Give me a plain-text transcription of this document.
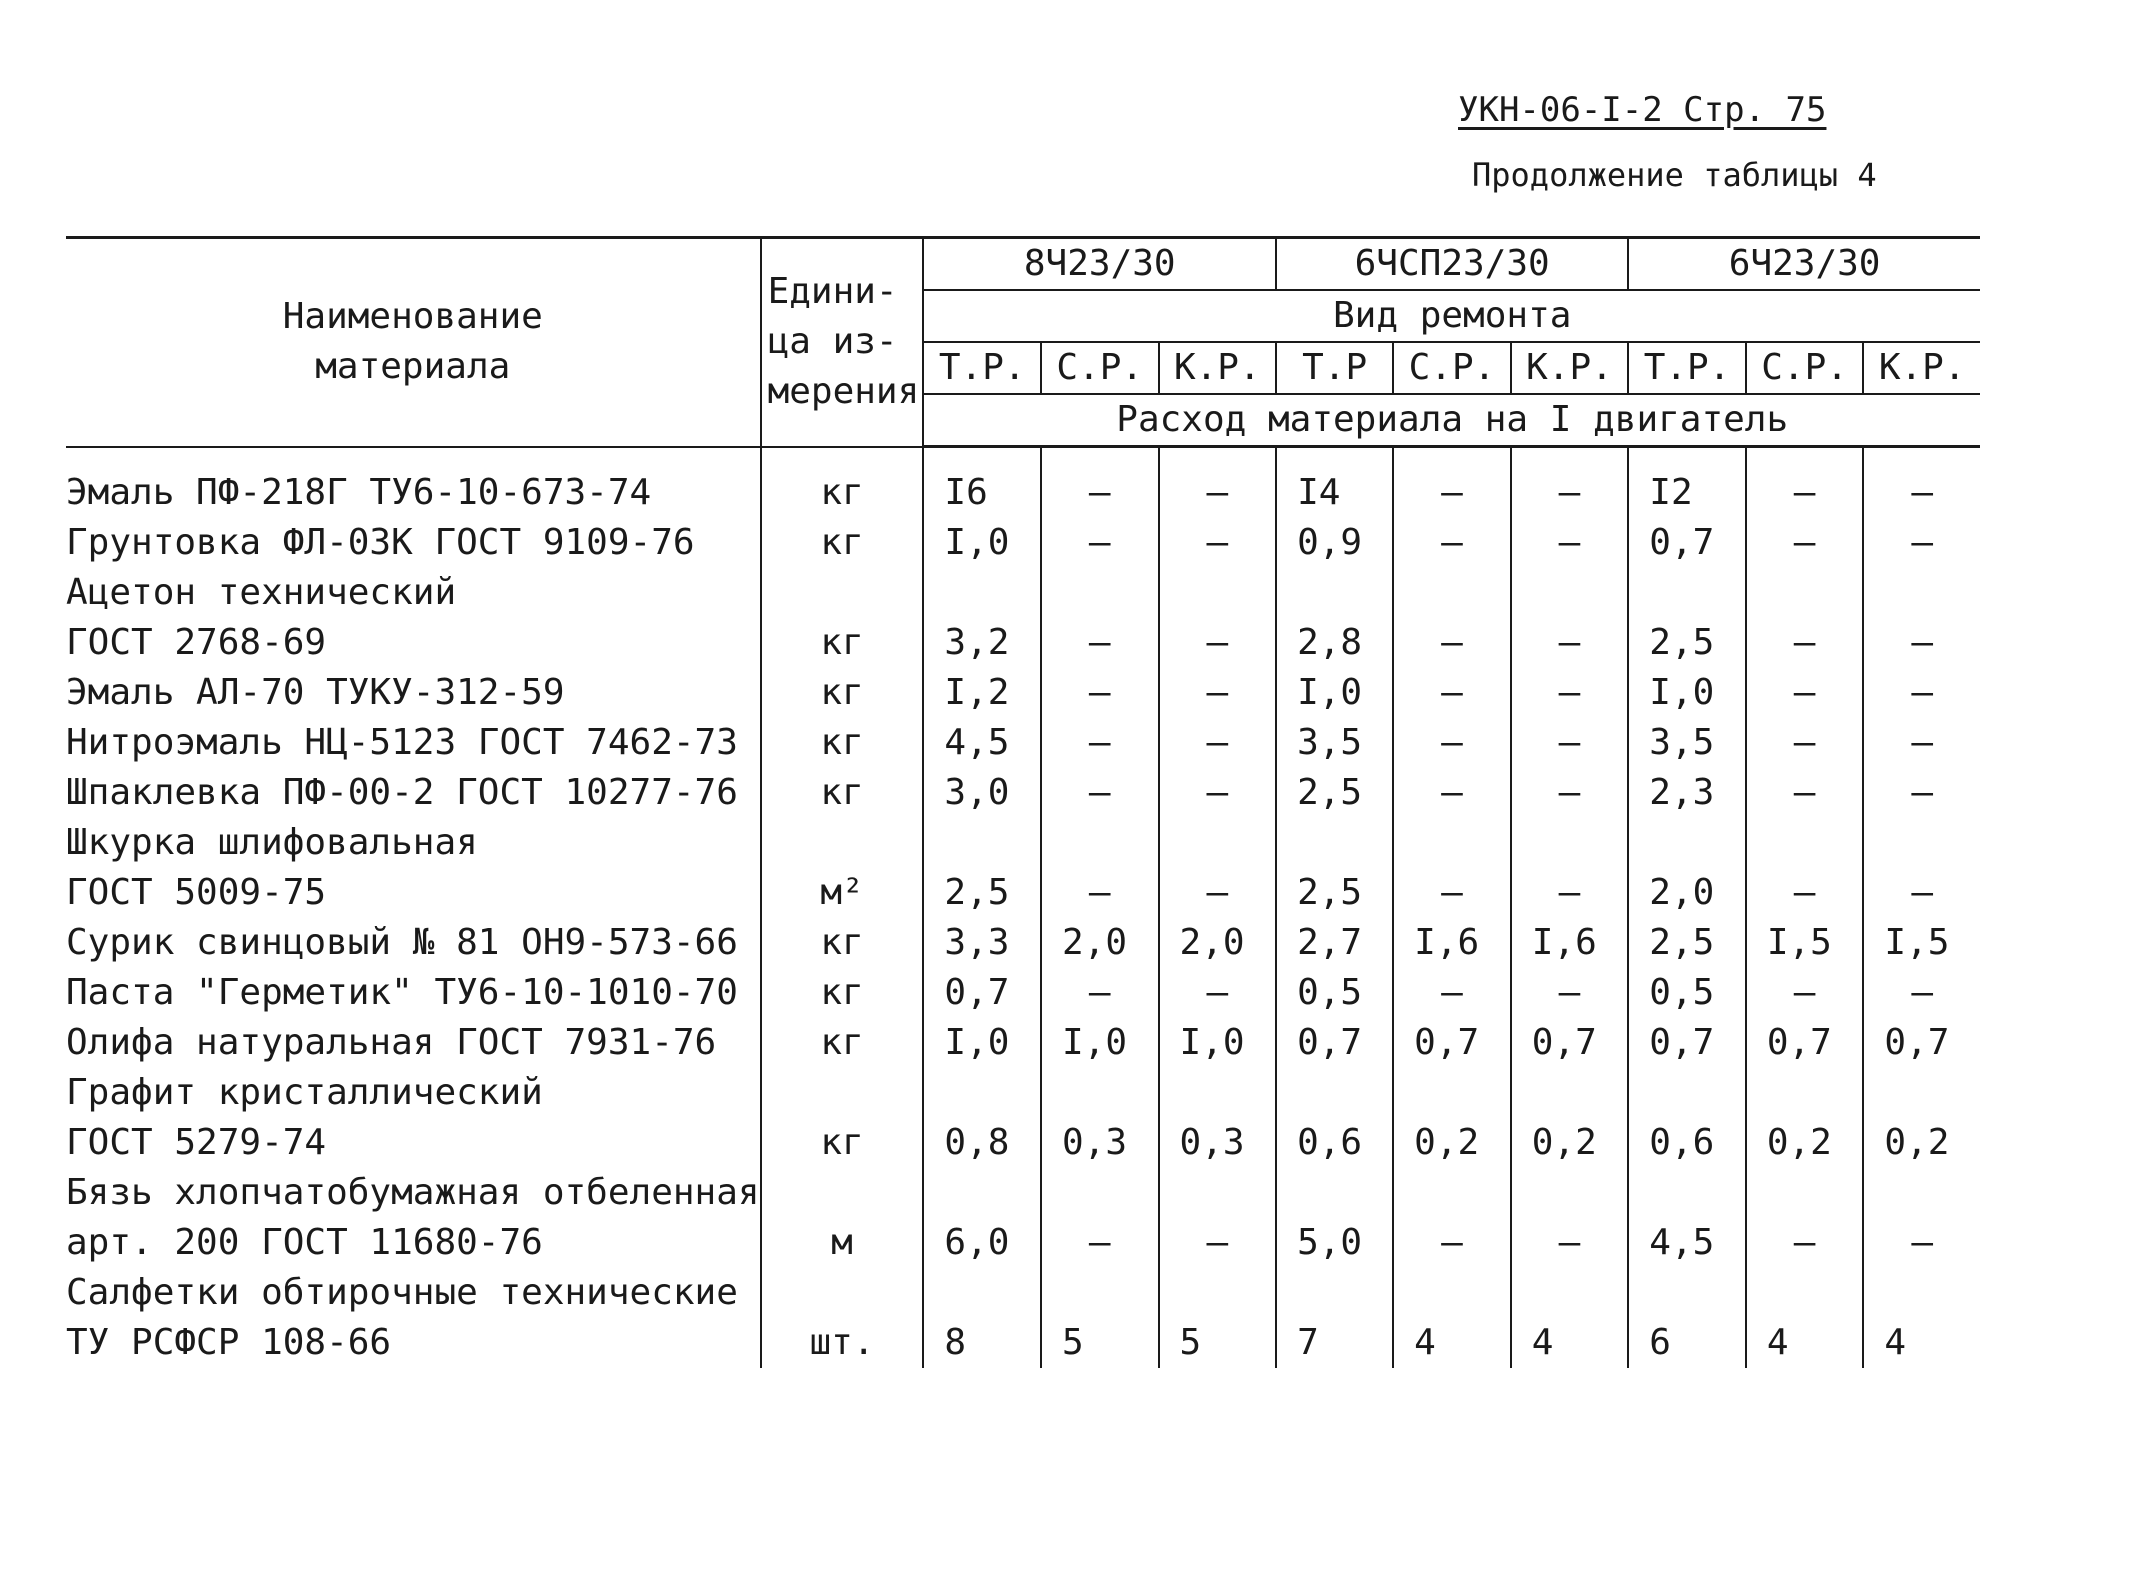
УКН-06-I-2 Стр. 75
Продолжение таблицы 4
Наименование
материала	Едини-
ца из-
мерения	8Ч23/30			6ЧСП23/30			6Ч23/30		
		Вид ремонта								
		Т.Р.	С.Р.	К.Р.	Т.Р	С.Р.	К.Р.	Т.Р.	С.Р.	К.Р.
		Расход материала на I двигатель								
Эмаль ПФ-218Г ТУ6-10-673-74	кг	I6	–	–	I4	–	–	I2	–	–
Грунтовка ФЛ-03К ГОСТ 9109-76	кг	I,0	–	–	0,9	–	–	0,7	–	–
Ацетон технический										
ГОСТ 2768-69	кг	3,2	–	–	2,8	–	–	2,5	–	–
Эмаль АЛ-70 ТУКУ-312-59	кг	I,2	–	–	I,0	–	–	I,0	–	–
Нитроэмаль НЦ-5123 ГОСТ 7462-73	кг	4,5	–	–	3,5	–	–	3,5	–	–
Шпаклевка ПФ-00-2 ГОСТ 10277-76	кг	3,0	–	–	2,5	–	–	2,3	–	–
Шкурка шлифовальная										
ГОСТ 5009-75	м²	2,5	–	–	2,5	–	–	2,0	–	–
Сурик свинцовый № 81 ОН9-573-66	кг	3,3	2,0	2,0	2,7	I,6	I,6	2,5	I,5	I,5
Паста "Герметик" ТУ6-10-1010-70	кг	0,7	–	–	0,5	–	–	0,5	–	–
Олифа натуральная ГОСТ 7931-76	кг	I,0	I,0	I,0	0,7	0,7	0,7	0,7	0,7	0,7
Графит кристаллический										
ГОСТ 5279-74	кг	0,8	0,3	0,3	0,6	0,2	0,2	0,6	0,2	0,2
Бязь хлопчатобумажная отбеленная										
арт. 200 ГОСТ 11680-76	м	6,0	–	–	5,0	–	–	4,5	–	–
Салфетки обтирочные технические										
ТУ РСФСР 108-66	шт.	8	5	5	7	4	4	6	4	4
